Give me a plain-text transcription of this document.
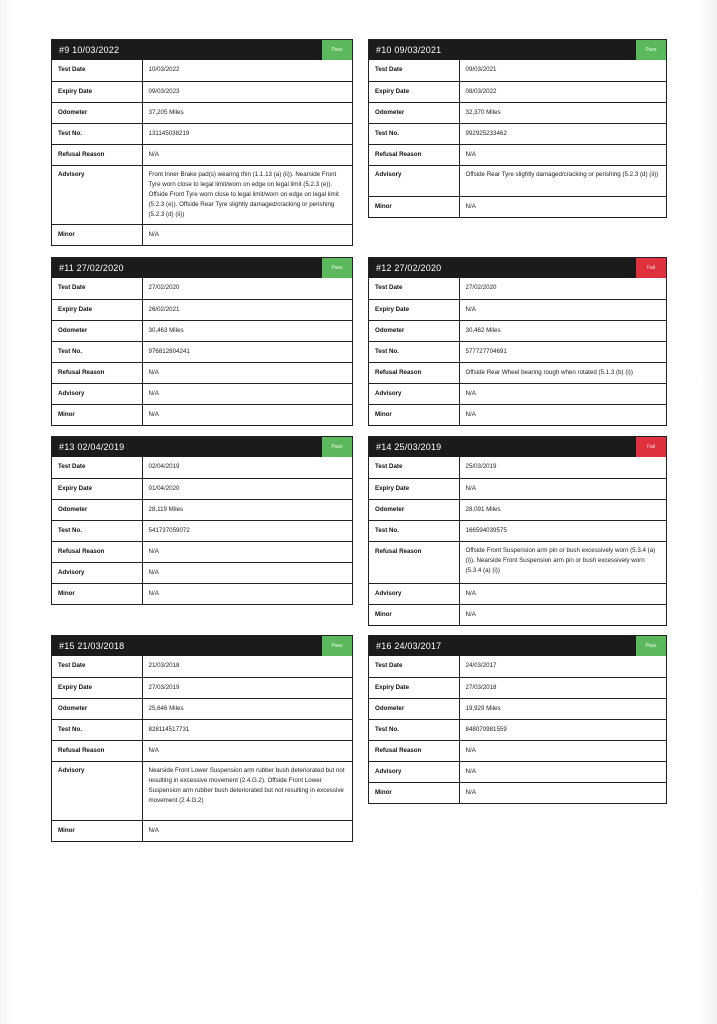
#9 10/03/2022	Pass
Test Date	10/03/2022
Expiry Date	09/03/2023
Odometer	37,205 Miles
Test No.	131145038219
Refusal Reason	N/A
Advisory	Front Inner Brake pad(s) wearing thin (1.1.13 (a) (ii)). Nearside Front Tyre worn close to legal limit/worn on edge on legal limit (5.2.3 (e)). Offside Front Tyre worn close to legal limit/worn on edge on legal limit (5.2.3 (e)). Offside Rear Tyre slightly damaged/cracking or perishing (5.2.3 (d) (ii))
Minor	N/A
#10 09/03/2021	Pass
Test Date	09/03/2021
Expiry Date	08/03/2022
Odometer	32,370 Miles
Test No.	992925233462
Refusal Reason	N/A
Advisory	Offside Rear Tyre slightly damaged/cracking or perishing (5.2.3 (d) (ii))
Minor	N/A
#11 27/02/2020	Pass
Test Date	27/02/2020
Expiry Date	26/02/2021
Odometer	30,463 Miles
Test No.	976812804241
Refusal Reason	N/A
Advisory	N/A
Minor	N/A
#12 27/02/2020	Fail
Test Date	27/02/2020
Expiry Date	N/A
Odometer	30,462 Miles
Test No.	577727704691
Refusal Reason	Offside Rear Wheel bearing rough when rotated (5.1.3 (b) (i))
Advisory	N/A
Minor	N/A
#13 02/04/2019	Pass
Test Date	02/04/2019
Expiry Date	01/04/2020
Odometer	28,119 Miles
Test No.	541737059072
Refusal Reason	N/A
Advisory	N/A
Minor	N/A
#14 25/03/2019	Fail
Test Date	25/03/2019
Expiry Date	N/A
Odometer	28,091 Miles
Test No.	166594039575
Refusal Reason	Offside Front Suspension arm pin or bush excessively worn (5.3.4 (a) (i)). Nearside Front Suspension arm pin or bush excessively worn (5.3.4 (a) (i))
Advisory	N/A
Minor	N/A
#15 21/03/2018	Pass
Test Date	21/03/2018
Expiry Date	27/03/2019
Odometer	25,646 Miles
Test No.	828114517731
Refusal Reason	N/A
Advisory	Nearside Front Lower Suspension arm rubber bush deteriorated but not resulting in excessive movement (2.4.G.2). Offside Front Lower Suspension arm rubber bush deteriorated but not resulting in excessive movement (2.4.G.2)
Minor	N/A
#16 24/03/2017	Pass
Test Date	24/03/2017
Expiry Date	27/03/2018
Odometer	19,929 Miles
Test No.	848070981559
Refusal Reason	N/A
Advisory	N/A
Minor	N/A
